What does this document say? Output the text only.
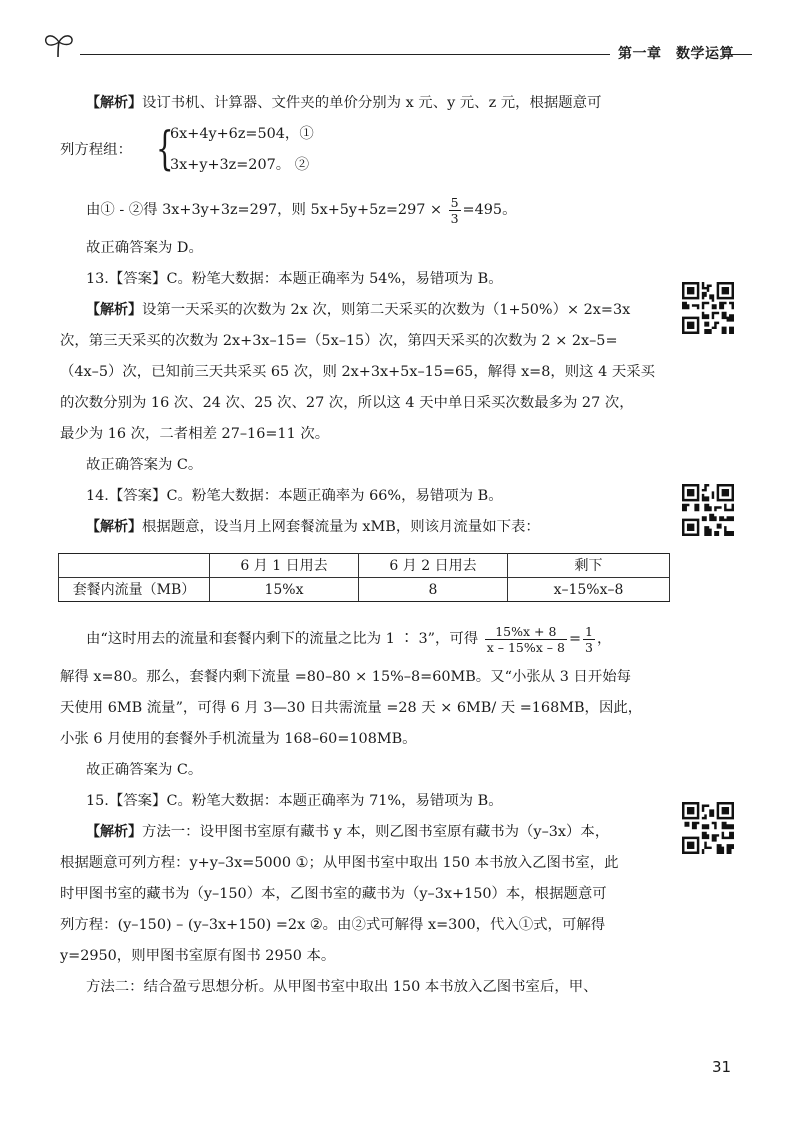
第一章　数学运算

【解析】设订书机、计算器、文件夹的单价分别为 x 元、y 元、z 元，根据题意可

列方程组： {
6x+4y+6z=504，①
3x+y+3z=207。 ②

由① - ②得 3x+3y+3z=297，则 $5x+5y+5z=297 \times \frac{5}{3} =495$。

故正确答案为 D。

13.【答案】C。粉笔大数据：本题正确率为 54%，易错项为 B。

【解析】设第一天采买的次数为 2x 次，则第二天采买的次数为（1+50%）× 2x=3x

次，第三天采买的次数为 2x+3x–15=（5x–15）次，第四天采买的次数为 2 × 2x–5=

（4x–5）次，已知前三天共采买 65 次，则 2x+3x+5x–15=65，解得 x=8，则这 4 天采买

的次数分别为 16 次、24 次、25 次、27 次，所以这 4 天中单日采买次数最多为 27 次，

最少为 16 次，二者相差 27–16=11 次。

故正确答案为 C。

14.【答案】C。粉笔大数据：本题正确率为 66%，易错项为 B。

【解析】根据题意，设当月上网套餐流量为 xMB，则该月流量如下表：

	6 月 1 日用去	6 月 2 日用去	剩下
套餐内流量（MB）	15%x	8	x–15%x–8

由“这时用去的流量和套餐内剩下的流量之比为 1 ∶ 3”，可得 $\frac{15\%x + 8}{x - 15\%x - 8} = \frac{1}{3}$ ，

解得 x=80。那么，套餐内剩下流量 =80–80 × 15%–8=60MB。又“小张从 3 日开始每

天使用 6MB 流量”，可得 6 月 3—30 日共需流量 =28 天 × 6MB/ 天 =168MB，因此，

小张 6 月使用的套餐外手机流量为 168–60=108MB。

故正确答案为 C。

15.【答案】C。粉笔大数据：本题正确率为 71%，易错项为 B。

【解析】方法一：设甲图书室原有藏书 y 本，则乙图书室原有藏书为（y–3x）本，

根据题意可列方程：y+y–3x=5000 ①；从甲图书室中取出 150 本书放入乙图书室，此

时甲图书室的藏书为（y–150）本，乙图书室的藏书为（y–3x+150）本，根据题意可

列方程：(y–150) – (y–3x+150) =2x ②。由②式可解得 x=300，代入①式，可解得

y=2950，则甲图书室原有图书 2950 本。

方法二：结合盈亏思想分析。从甲图书室中取出 150 本书放入乙图书室后，甲、

31
